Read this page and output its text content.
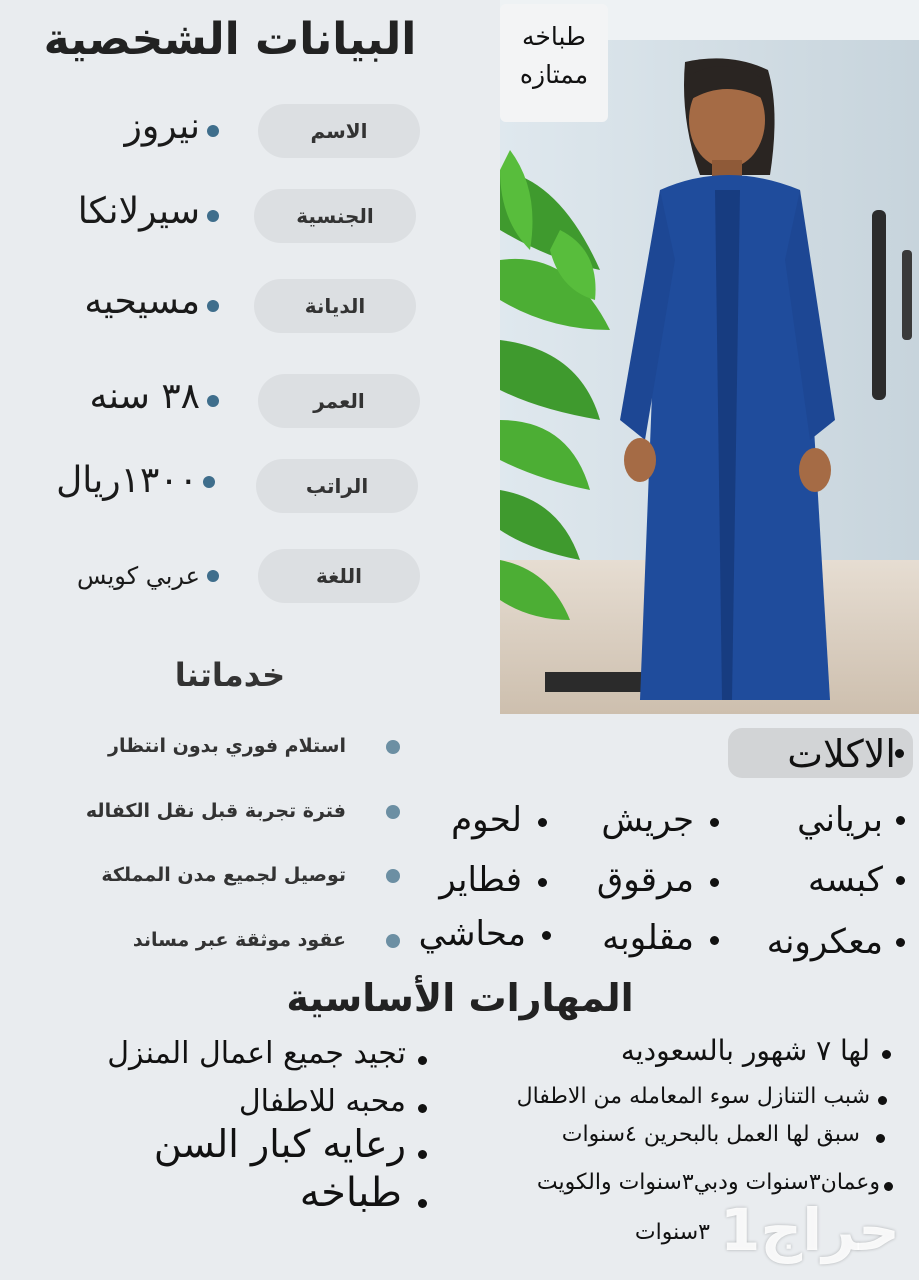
البيانات الشخصية
الاسم
نيروز
الجنسية
سيرلانكا
الديانة
مسيحيه
العمر
٣٨ سنه
الراتب
١٣٠٠ريال
اللغة
عربي كويس
خدماتنا
استلام فوري بدون انتظار
فترة تجربة قبل نقل الكفاله
توصيل لجميع مدن المملكة
عقود موثقة عبر مساند
طباخه
ممتازه
الاكلات
برياني
جريش
لحوم
كبسه
مرقوق
فطاير
معكرونه
مقلوبه
محاشي
المهارات الأساسية
تجيد جميع اعمال المنزل
محبه للاطفال
رعايه كبار السن
طباخه
لها ٧ شهور بالسعوديه
شبب التنازل سوء المعامله من الاطفال
سبق لها العمل بالبحرين ٤سنوات
وعمان٣سنوات ودبي٣سنوات والكويت
٣سنوات حراج1
